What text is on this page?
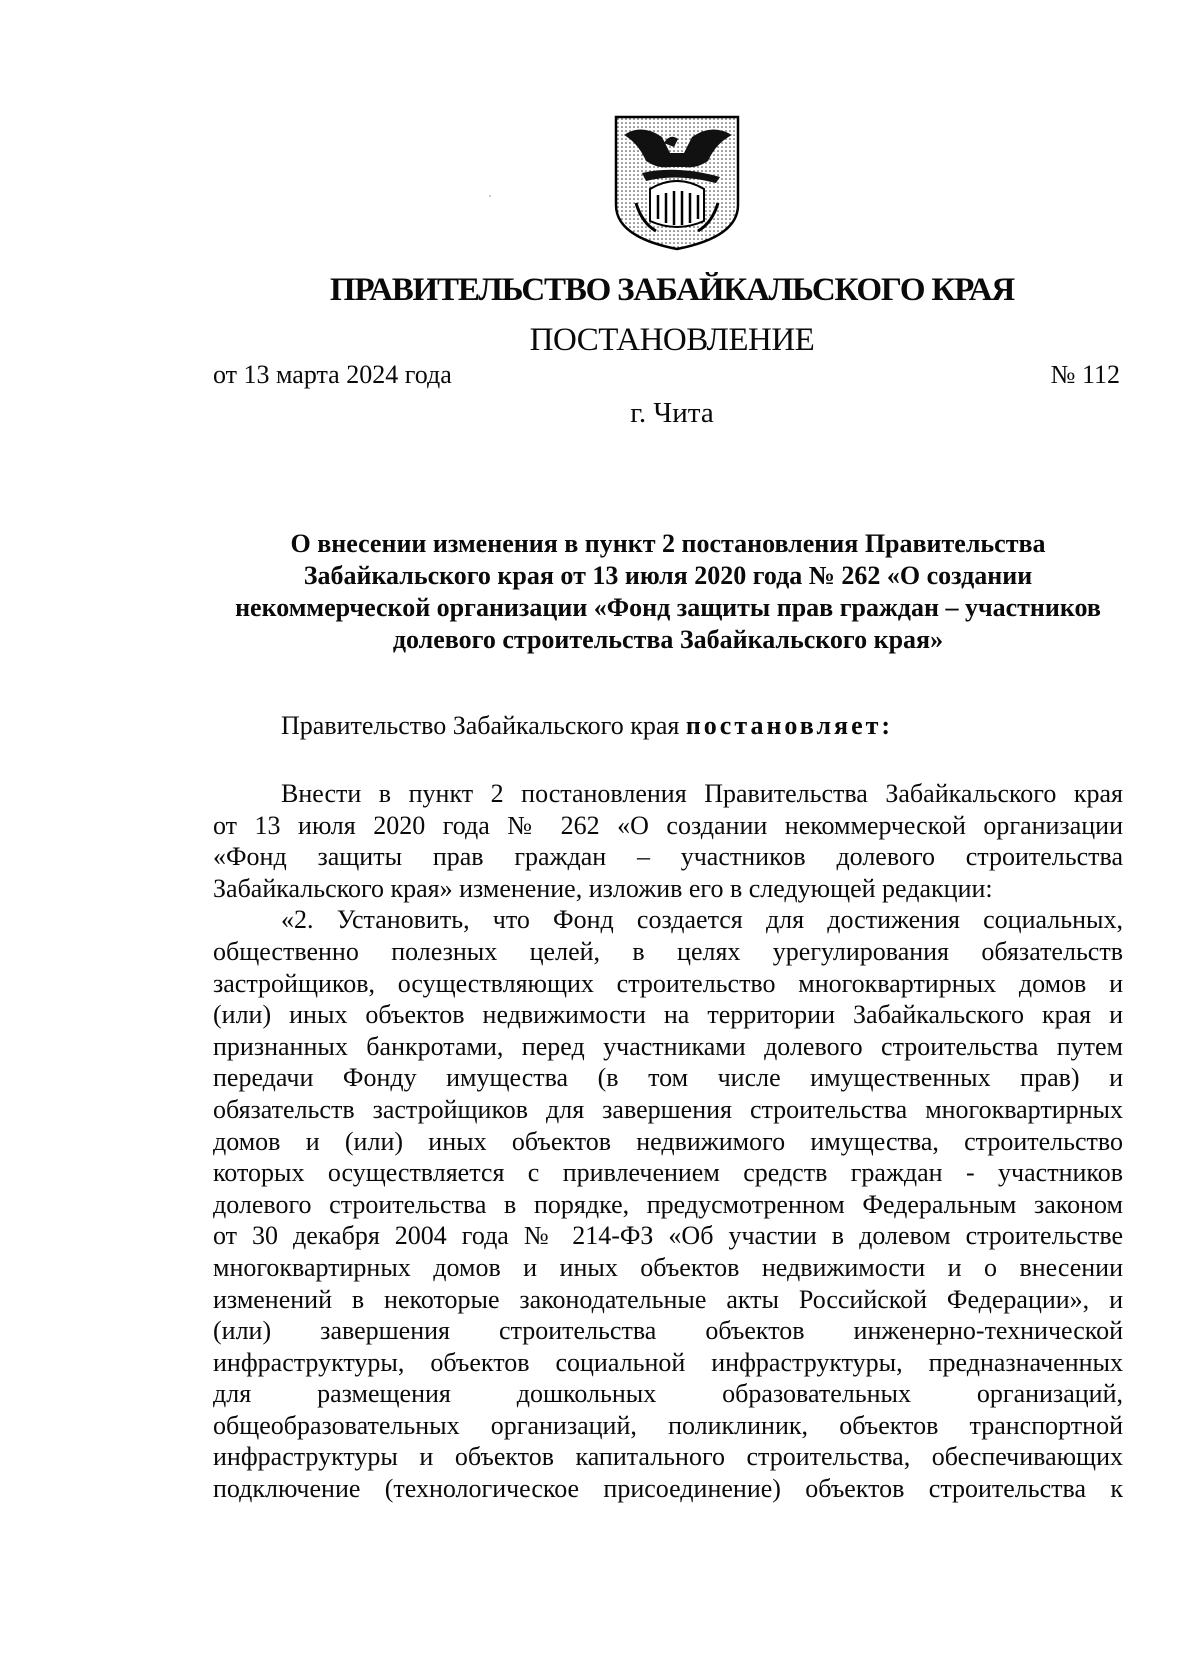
ПРАВИТЕЛЬСТВО ЗАБАЙКАЛЬСКОГО КРАЯ
ПОСТАНОВЛЕНИЕ
от 13 марта 2024 года	№ 112
г. Чита
О внесении изменения в пункт 2 постановления Правительства
Забайкальского края от 13 июля 2020 года № 262 «О создании
некоммерческой организации «Фонд защиты прав граждан – участников
долевого строительства Забайкальского края»
Правительство Забайкальского края постановляет:
Внести в пункт 2 постановления Правительства Забайкальского края
от 13 июля 2020 года № 262 «О создании некоммерческой организации
«Фонд защиты прав граждан – участников долевого строительства
Забайкальского края» изменение, изложив его в следующей редакции:
«2. Установить, что Фонд создается для достижения социальных,
общественно полезных целей, в целях урегулирования обязательств
застройщиков, осуществляющих строительство многоквартирных домов и
(или) иных объектов недвижимости на территории Забайкальского края и
признанных банкротами, перед участниками долевого строительства путем
передачи Фонду имущества (в том числе имущественных прав) и
обязательств застройщиков для завершения строительства многоквартирных
домов и (или) иных объектов недвижимого имущества, строительство
которых осуществляется с привлечением средств граждан - участников
долевого строительства в порядке, предусмотренном Федеральным законом
от 30 декабря 2004 года № 214-ФЗ «Об участии в долевом строительстве
многоквартирных домов и иных объектов недвижимости и о внесении
изменений в некоторые законодательные акты Российской Федерации», и
(или) завершения строительства объектов инженерно-технической
инфраструктуры, объектов социальной инфраструктуры, предназначенных
для размещения дошкольных образовательных организаций,
общеобразовательных организаций, поликлиник, объектов транспортной
инфраструктуры и объектов капитального строительства, обеспечивающих
подключение (технологическое присоединение) объектов строительства к
